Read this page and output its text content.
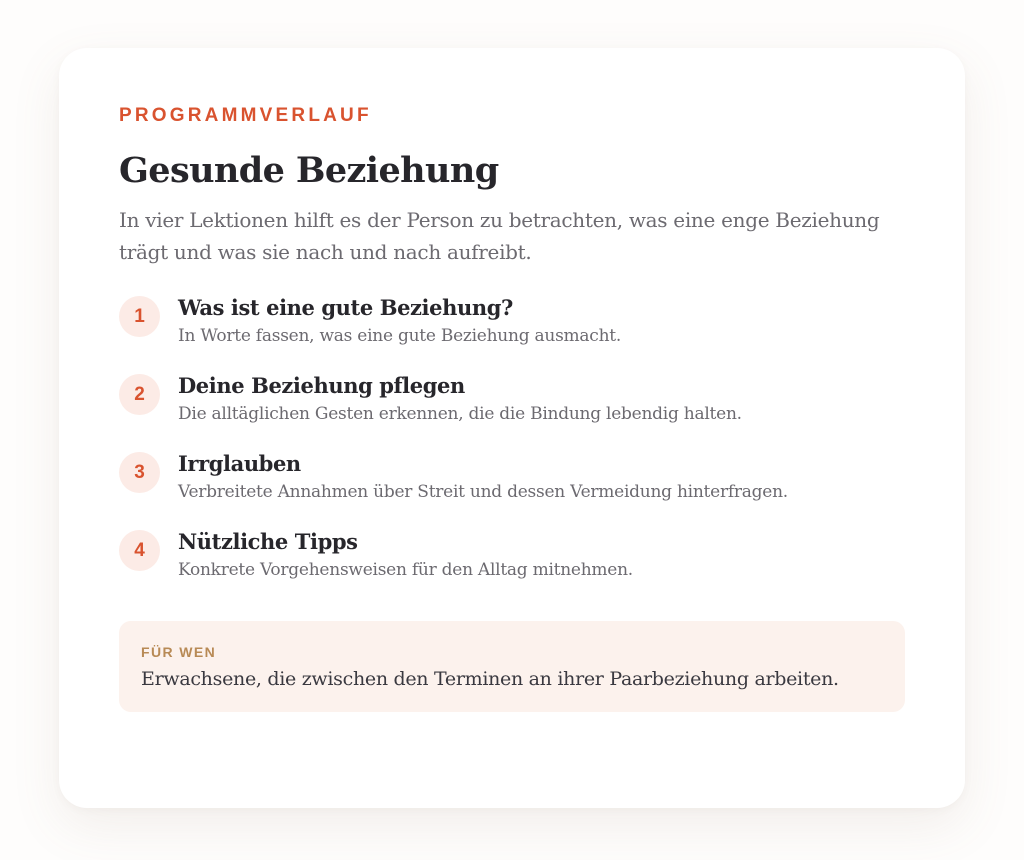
PROGRAMMVERLAUF

Gesunde Beziehung

In vier Lektionen hilft es der Person zu betrachten, was eine enge Beziehung trägt und was sie nach und nach aufreibt.

1	Was ist eine gute Beziehung?
In Worte fassen, was eine gute Beziehung ausmacht.
2	Deine Beziehung pflegen
Die alltäglichen Gesten erkennen, die die Bindung lebendig halten.
3	Irrglauben
Verbreitete Annahmen über Streit und dessen Vermeidung hinterfragen.
4	Nützliche Tipps
Konkrete Vorgehensweisen für den Alltag mitnehmen.
FÜR WEN
Erwachsene, die zwischen den Terminen an ihrer Paarbeziehung arbeiten.
